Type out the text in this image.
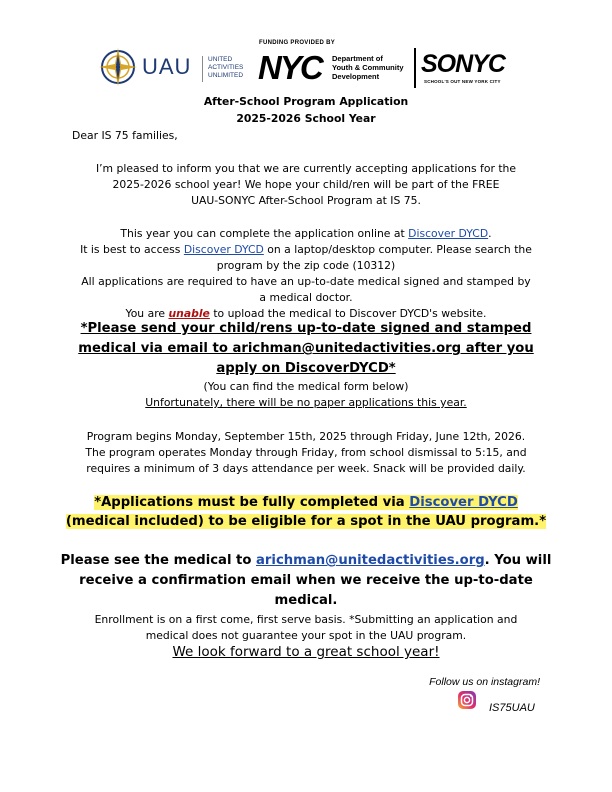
UAU	UNITED
ACTIVITIES
UNLIMITED
FUNDING PROVIDED BY
NYC Department of
Youth & Community
Development	SONYC
SCHOOL'S OUT NEW YORK CITY
After-School Program Application
2025-2026 School Year
Dear IS 75 families,
I’m pleased to inform you that we are currently accepting applications for the
2025-2026 school year! We hope your child/ren will be part of the FREE
UAU-SONYC After-School Program at IS 75.
This year you can complete the application online at Discover DYCD.
It is best to access Discover DYCD on a laptop/desktop computer. Please search the
program by the zip code (10312)
All applications are required to have an up-to-date medical signed and stamped by
a medical doctor.
You are unable to upload the medical to Discover DYCD's website.
*Please send your child/rens up-to-date signed and stamped
medical via email to arichman@unitedactivities.org after you
apply on DiscoverDYCD*
(You can find the medical form below)
Unfortunately, there will be no paper applications this year.
Program begins Monday, September 15th, 2025 through Friday, June 12th, 2026.
The program operates Monday through Friday, from school dismissal to 5:15, and
requires a minimum of 3 days attendance per week. Snack will be provided daily.
*Applications must be fully completed via Discover DYCD
(medical included) to be eligible for a spot in the UAU program.*
Please see the medical to arichman@unitedactivities.org. You will
receive a confirmation email when we receive the up-to-date
medical.
Enrollment is on a first come, first serve basis. *Submitting an application and
medical does not guarantee your spot in the UAU program.
We look forward to a great school year!
Follow us on instagram!
IS75UAU
